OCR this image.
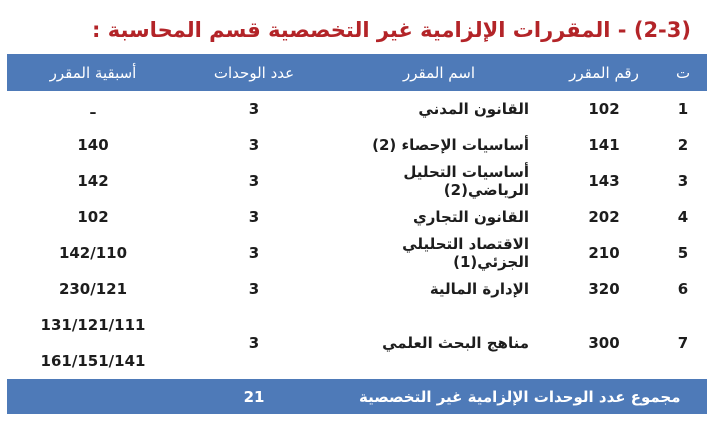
(2-3) - المقررات الإلزامية غير التخصصية قسم المحاسبة :
ت	رقم المقرر	اسم المقرر	عدد الوحدات	أسبقية المقرر
1	102	القانون المدني	3	ـ
2	141	أساسيات الإحصاء (2)	3	140
3	143	أساسيات التحليل الرياضي(2)	3	142
4	202	القانون التجاري	3	102
5	210	الاقتصاد التحليلي الجزئي(1)	3	142/110
6	320	الإدارة المالية	3	230/121
7	300	مناهج البحث العلمي	3	131/121/111
161/151/141

مجموع عدد الوحدات الإلزامية غير التخصصية			21	
